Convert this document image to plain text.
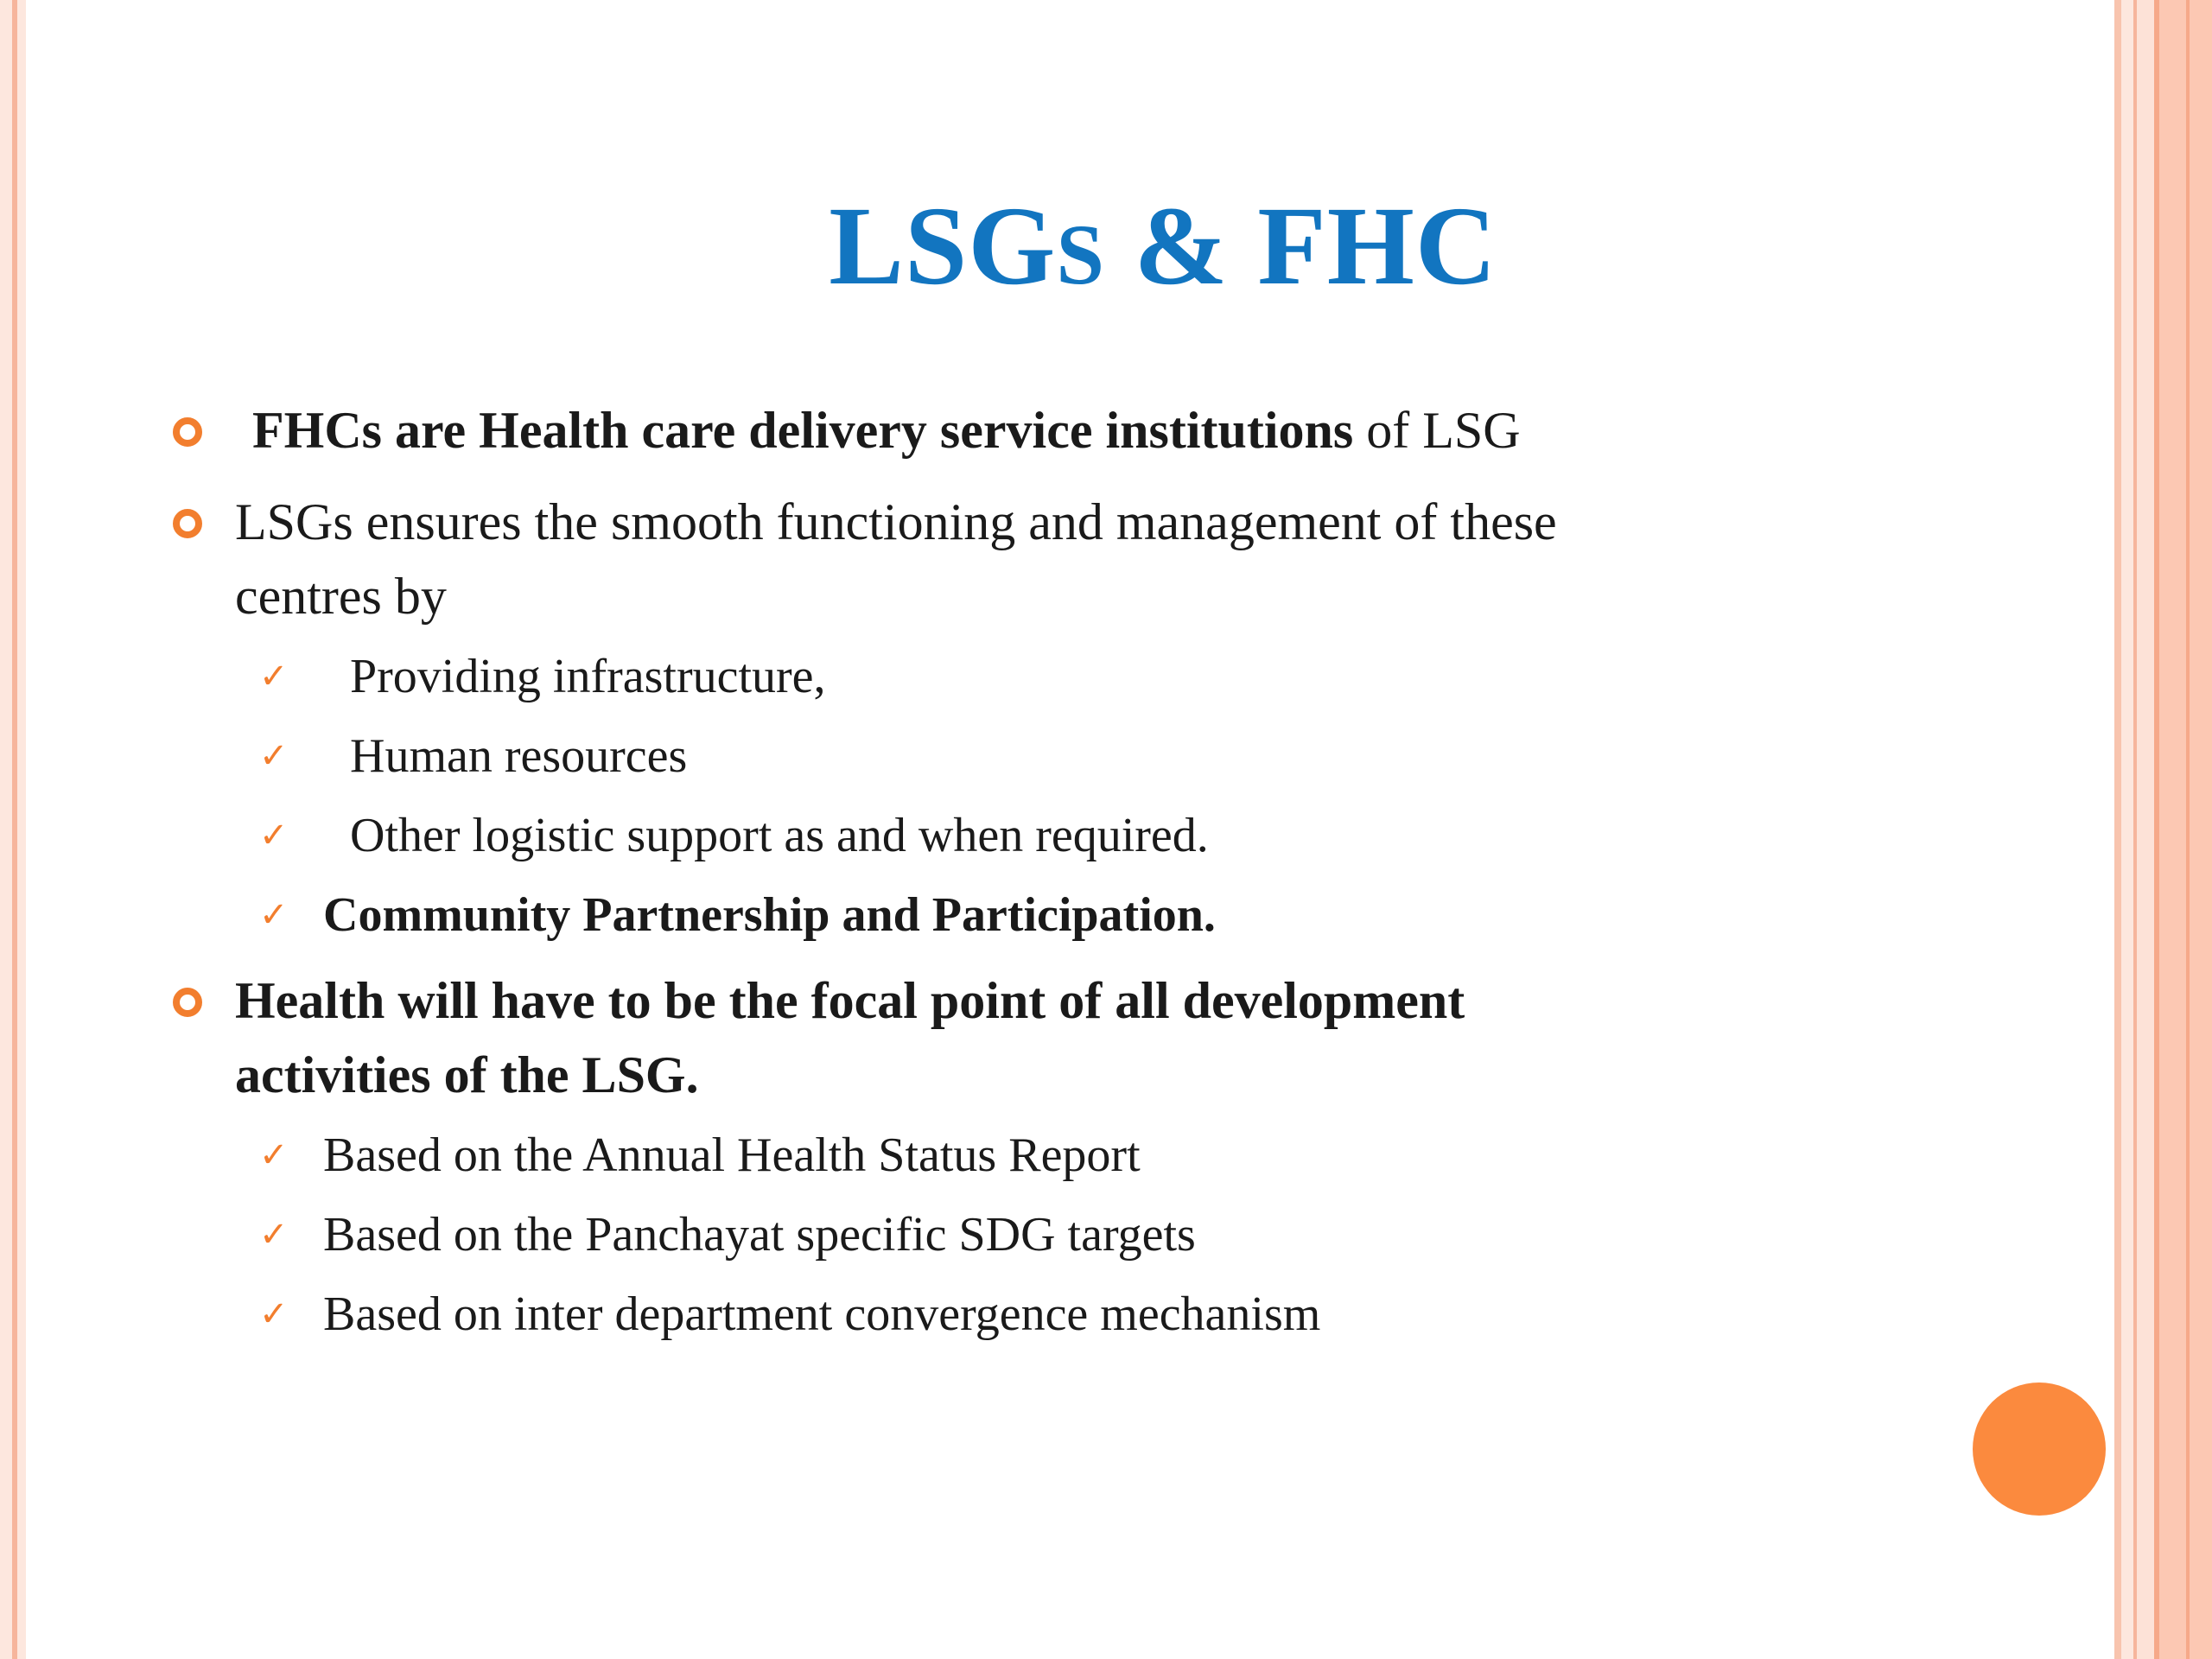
LSGS & FHC
FHCs are Health care delivery service institutions of LSG
LSGs ensures the smooth functioning and management of these
centres by
✓ Providing infrastructure,
✓ Human resources
✓ Other logistic support as and when required.
✓ Community Partnership and Participation.
Health will have to be the focal point of all development
activities of the LSG.
✓ Based on the Annual Health Status Report
✓ Based on the Panchayat specific SDG targets
✓ Based on inter department convergence mechanism
